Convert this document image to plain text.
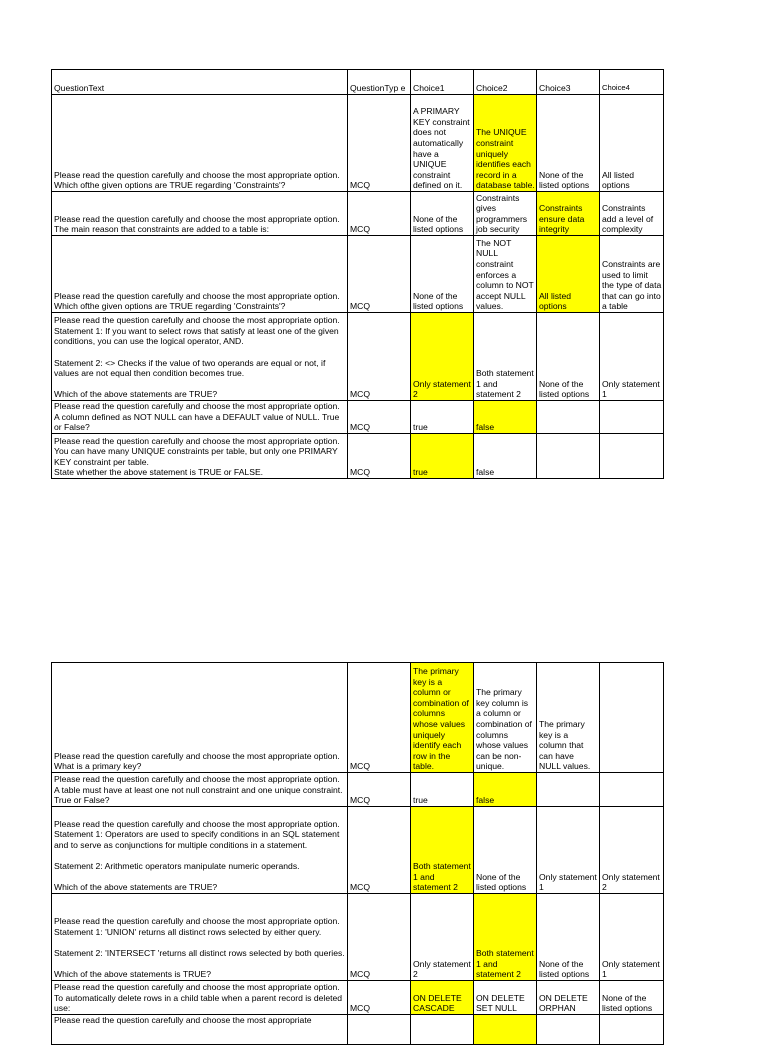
QuestionText	QuestionTyp e	Choice1	Choice2	Choice3	Choice4
Please read the question carefully and choose the most appropriate option. Which ofthe given options are TRUE regarding 'Constraints'?	MCQ	A PRIMARY KEY constraint does not automatically have a UNIQUE constraint defined on it.	The UNIQUE constraint uniquely identifies each record in a database table.	None of the listed options	All listed options
Please read the question carefully and choose the most appropriate option. The main reason that constraints are added to a table is:	MCQ	None of the listed options	Constraints gives programmers job security	Constraints ensure data integrity	Constraints add a level of complexity
Please read the question carefully and choose the most appropriate option. Which ofthe given options are TRUE regarding 'Constraints'?	MCQ	None of the listed options	The NOT NULL constraint enforces a column to NOT accept NULL values.	All listed options	Constraints are used to limit the type of data that can go into a table
Please read the question carefully and choose the most appropriate option. Statement 1: If you want to select rows that satisfy at least one of the given conditions, you can use the logical operator, AND.

Statement 2: <> Checks if the value of two operands are equal or not, if values are not equal then condition becomes true.

Which of the above statements are TRUE?	MCQ	Only statement 2	Both statement 1 and statement 2	None of the listed options	Only statement 1
Please read the question carefully and choose the most appropriate option. A column defined as NOT NULL can have a DEFAULT value of NULL. True or False?	MCQ	true	false		
Please read the question carefully and choose the most appropriate option. You can have many UNIQUE constraints per table, but only one PRIMARY KEY constraint per table.
State whether the above statement is TRUE or FALSE.	MCQ	true	false		
Please read the question carefully and choose the most appropriate option. What is a primary key?	MCQ	The primary key is a column or combination of columns whose values uniquely identify each row in the table.	The primary key column is a column or combination of columns whose values can be non-unique.	The primary key is a column that can have NULL values.	
Please read the question carefully and choose the most appropriate option. A table must have at least one not null constraint and one unique constraint. True or False?	MCQ	true	false		
Please read the question carefully and choose the most appropriate option. Statement 1: Operators are used to specify conditions in an SQL statement and to serve as conjunctions for multiple conditions in a statement.

Statement 2: Arithmetic operators manipulate numeric operands.

Which of the above statements are TRUE?	MCQ	Both statement 1 and statement 2	None of the listed options	Only statement 1	Only statement 2
Please read the question carefully and choose the most appropriate option. Statement 1: 'UNION' returns all distinct rows selected by either query.

Statement 2: 'INTERSECT 'returns all distinct rows selected by both queries.

Which of the above statements is TRUE?	MCQ	Only statement 2	Both statement 1 and statement 2	None of the listed options	Only statement 1
Please read the question carefully and choose the most appropriate option. To automatically delete rows in a child table when a parent record is deleted use:	MCQ	ON DELETE CASCADE	ON DELETE SET NULL	ON DELETE ORPHAN	None of the listed options
Please read the question carefully and choose the most appropriate					
